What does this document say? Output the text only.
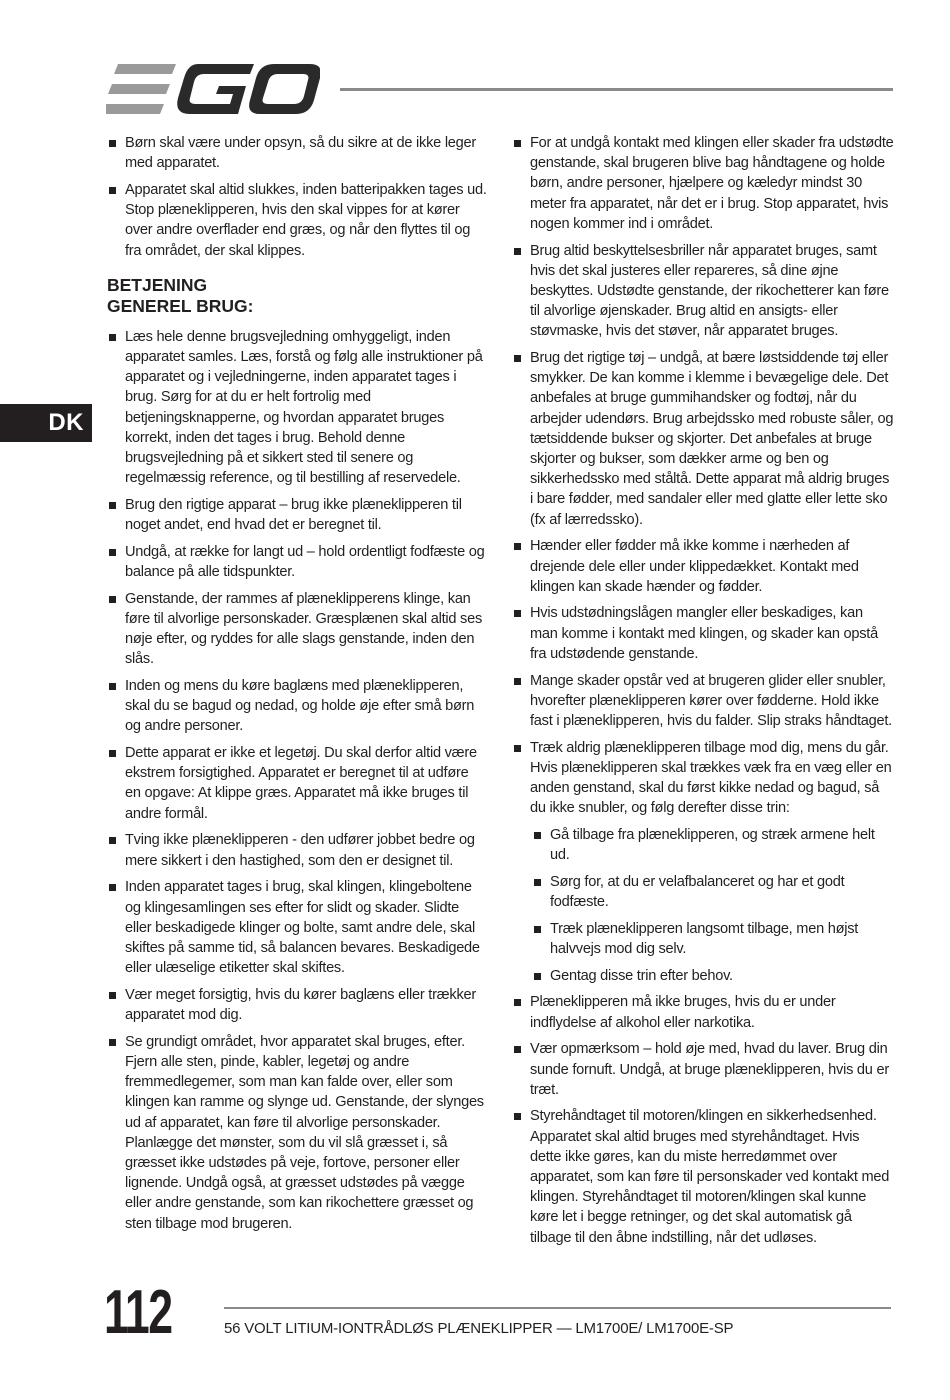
DK
Børn skal være under opsyn, så du sikre at de ikke leger med apparatet.
Apparatet skal altid slukkes, inden batteripakken tages ud. Stop plæneklipperen, hvis den skal vippes for at kører over andre overflader end græs, og når den flyttes til og fra området, der skal klippes.
BETJENING
GENEREL BRUG:
Læs hele denne brugsvejledning omhyggeligt, inden apparatet samles. Læs, forstå og følg alle instruktioner på apparatet og i vejledningerne, inden apparatet tages i brug. Sørg for at du er helt fortrolig med betjeningsknapperne, og hvordan apparatet bruges korrekt, inden det tages i brug. Behold denne brugsvejledning på et sikkert sted til senere og regelmæssig reference, og til bestilling af reservedele.
Brug den rigtige apparat – brug ikke plæneklipperen til noget andet, end hvad det er beregnet til.
Undgå, at række for langt ud – hold ordentligt fodfæste og balance på alle tidspunkter.
Genstande, der rammes af plæneklipperens klinge, kan føre til alvorlige personskader. Græsplænen skal altid ses nøje efter, og ryddes for alle slags genstande, inden den slås.
Inden og mens du køre baglæns med plæneklipperen, skal du se bagud og nedad, og holde øje efter små børn og andre personer.
Dette apparat er ikke et legetøj. Du skal derfor altid være ekstrem forsigtighed. Apparatet er beregnet til at udføre en opgave: At klippe græs. Apparatet må ikke bruges til andre formål.
Tving ikke plæneklipperen - den udfører jobbet bedre og mere sikkert i den hastighed, som den er designet til.
Inden apparatet tages i brug, skal klingen, klingeboltene og klingesamlingen ses efter for slidt og skader. Slidte eller beskadigede klinger og bolte, samt andre dele, skal skiftes på samme tid, så balancen bevares. Beskadigede eller ulæselige etiketter skal skiftes.
Vær meget forsigtig, hvis du kører baglæns eller trækker apparatet mod dig.
Se grundigt området, hvor apparatet skal bruges, efter. Fjern alle sten, pinde, kabler, legetøj og andre fremmedlegemer, som man kan falde over, eller som klingen kan ramme og slynge ud. Genstande, der slynges ud af apparatet, kan føre til alvorlige personskader. Planlægge det mønster, som du vil slå græsset i, så græsset ikke udstødes på veje, fortove, personer eller lignende. Undgå også, at græsset udstødes på vægge eller andre genstande, som kan rikochettere græsset og sten tilbage mod brugeren.
For at undgå kontakt med klingen eller skader fra udstødte genstande, skal brugeren blive bag håndtagene og holde børn, andre personer, hjælpere og kæledyr mindst 30 meter fra apparatet, når det er i brug. Stop apparatet, hvis nogen kommer ind i området.
Brug altid beskyttelsesbriller når apparatet bruges, samt hvis det skal justeres eller repareres, så dine øjne beskyttes. Udstødte genstande, der rikochetterer kan føre til alvorlige øjenskader. Brug altid en ansigts- eller støvmaske, hvis det støver, når apparatet bruges.
Brug det rigtige tøj – undgå, at bære løstsiddende tøj eller smykker. De kan komme i klemme i bevægelige dele. Det anbefales at bruge gummihandsker og fodtøj, når du arbejder udendørs. Brug arbejdssko med robuste såler, og tætsiddende bukser og skjorter. Det anbefales at bruge skjorter og bukser, som dækker arme og ben og sikkerhedssko med ståltå. Dette apparat må aldrig bruges i bare fødder, med sandaler eller med glatte eller lette sko (fx af lærredssko).
Hænder eller fødder må ikke komme i nærheden af drejende dele eller under klippedækket. Kontakt med klingen kan skade hænder og fødder.
Hvis udstødningslågen mangler eller beskadiges, kan man komme i kontakt med klingen, og skader kan opstå fra udstødende genstande.
Mange skader opstår ved at brugeren glider eller snubler, hvorefter plæneklipperen kører over fødderne. Hold ikke fast i plæneklipperen, hvis du falder. Slip straks håndtaget.
Træk aldrig plæneklipperen tilbage mod dig, mens du går. Hvis plæneklipperen skal trækkes væk fra en væg eller en anden genstand, skal du først kikke nedad og bagud, så du ikke snubler, og følg derefter disse trin:
Gå tilbage fra plæneklipperen, og stræk armene helt ud.
Sørg for, at du er velafbalanceret og har et godt fodfæste.
Træk plæneklipperen langsomt tilbage, men højst halvvejs mod dig selv.
Gentag disse trin efter behov.
Plæneklipperen må ikke bruges, hvis du er under indflydelse af alkohol eller narkotika.
Vær opmærksom – hold øje med, hvad du laver. Brug din sunde fornuft. Undgå, at bruge plæneklipperen, hvis du er træt.
Styrehåndtaget til motoren/klingen en sikkerhedsenhed. Apparatet skal altid bruges med styrehåndtaget. Hvis dette ikke gøres, kan du miste herredømmet over apparatet, som kan føre til personskader ved kontakt med klingen. Styrehåndtaget til motoren/klingen skal kunne køre let i begge retninger, og det skal automatisk gå tilbage til den åbne indstilling, når det udløses.
112	56 VOLT LITIUM-IONTRÅDLØS PLÆNEKLIPPER — LM1700E/ LM1700E-SP
